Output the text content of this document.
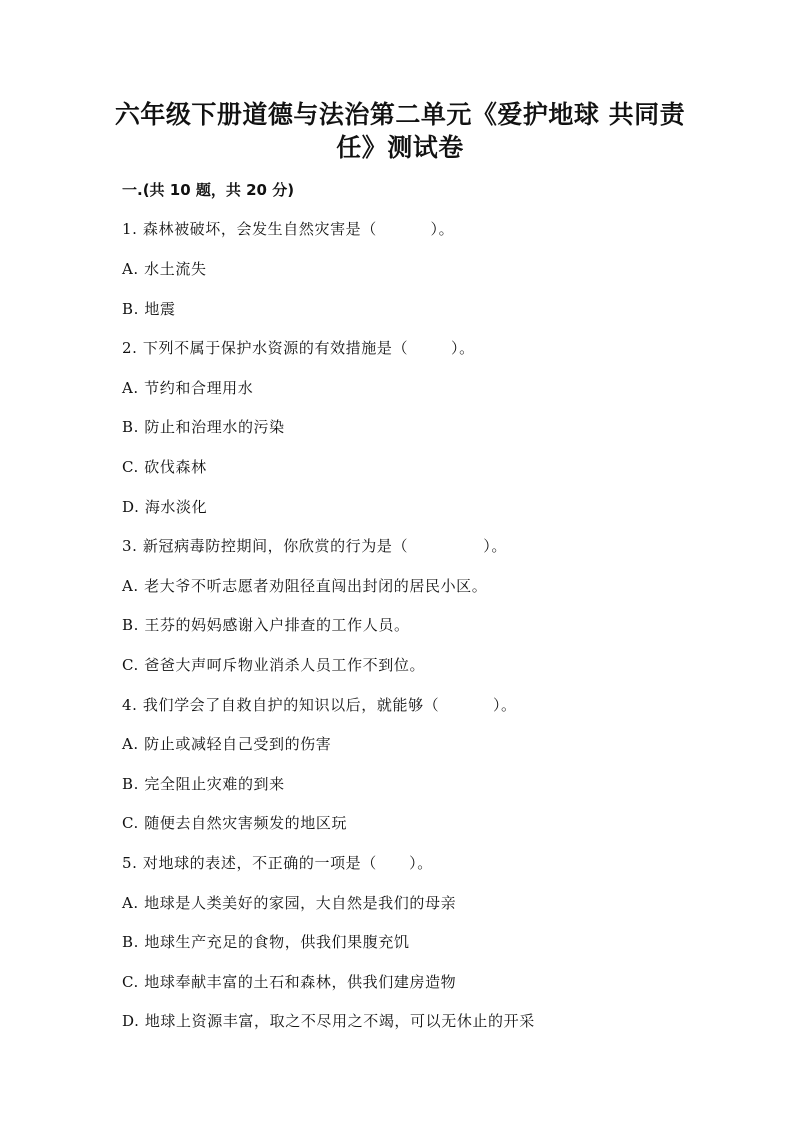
六年级下册道德与法治第二单元《爱护地球 共同责
任》测试卷
一.(共 10 题，共 20 分)
1. 森林被破坏，会发生自然灾害是（          ）。
A. 水土流失
B. 地震
2. 下列不属于保护水资源的有效措施是（        ）。
A. 节约和合理用水
B. 防止和治理水的污染
C. 砍伐森林
D. 海水淡化
3. 新冠病毒防控期间，你欣赏的行为是（              ）。
A. 老大爷不听志愿者劝阻径直闯出封闭的居民小区。
B. 王芬的妈妈感谢入户排查的工作人员。
C. 爸爸大声呵斥物业消杀人员工作不到位。
4. 我们学会了自救自护的知识以后，就能够（          ）。
A. 防止或减轻自己受到的伤害
B. 完全阻止灾难的到来
C. 随便去自然灾害频发的地区玩
5. 对地球的表述，不正确的一项是（      ）。
A. 地球是人类美好的家园，大自然是我们的母亲
B. 地球生产充足的食物，供我们果腹充饥
C. 地球奉献丰富的土石和森林，供我们建房造物
D. 地球上资源丰富，取之不尽用之不竭，可以无休止的开采
